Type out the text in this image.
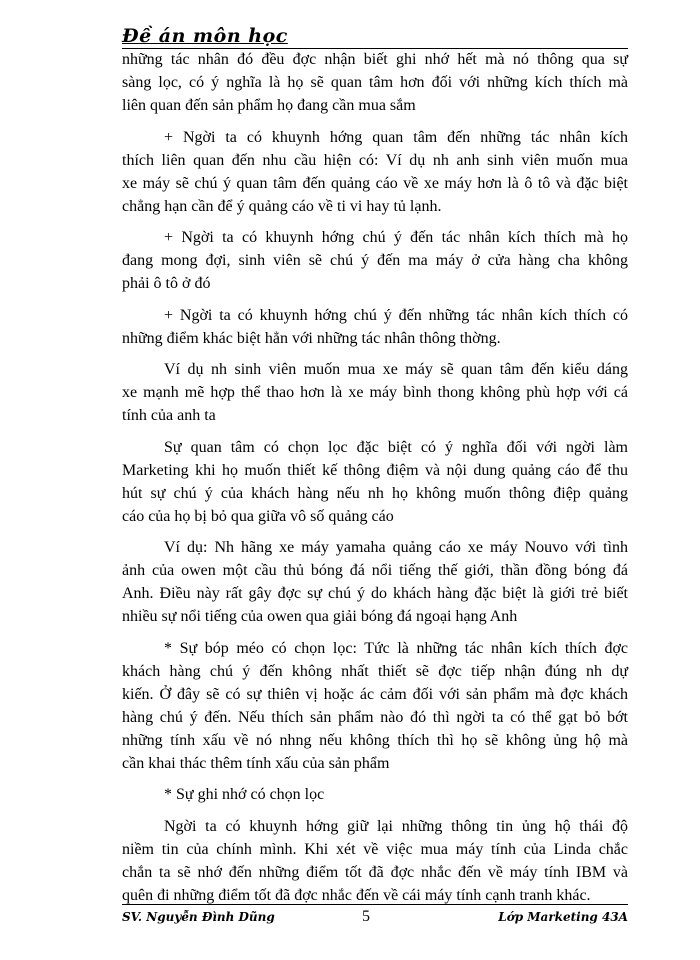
Đề án môn học
những tác nhân đó đều đợc nhận biết ghi nhớ hết mà nó thông qua sự
sàng lọc, có ý nghĩa là họ sẽ quan tâm hơn đối với những kích thích mà
liên quan đến sản phẩm họ đang cần mua sắm
+ Ngời ta có khuynh hớng quan tâm đến những tác nhân kích
thích liên quan đến nhu cầu hiện có: Ví dụ nh anh sinh viên muốn mua
xe máy sẽ chú ý quan tâm đến quảng cáo về xe máy hơn là ô tô và đặc biệt
chẳng hạn cần để ý quảng cáo về ti vi hay tủ lạnh.
+ Ngời ta có khuynh hớng chú ý đến tác nhân kích thích mà họ
đang mong đợi, sinh viên sẽ chú ý đến ma máy ở cửa hàng cha không
phải ô tô ở đó
+ Ngời ta có khuynh hớng chú ý đến những tác nhân kích thích có
những điểm khác biệt hẳn với những tác nhân thông thờng.
Ví dụ nh sinh viên muốn mua xe máy sẽ quan tâm đến kiểu dáng
xe mạnh mẽ hợp thể thao hơn là xe máy bình thong không phù hợp với cá
tính của anh ta
Sự quan tâm có chọn lọc đặc biệt có ý nghĩa đối với ngời làm
Marketing khi họ muốn thiết kế thông điệm và nội dung quảng cáo để thu
hút sự chú ý của khách hàng nếu nh họ không muốn thông điệp quảng
cáo của họ bị bỏ qua giữa vô số quảng cáo
Ví dụ: Nh hãng xe máy yamaha quảng cáo xe máy Nouvo với tình
ảnh của owen một cầu thủ bóng đá nổi tiếng thế giới, thần đồng bóng đá
Anh. Điều này rất gây đợc sự chú ý do khách hàng đặc biệt là giới trẻ biết
nhiều sự nổi tiếng của owen qua giải bóng đá ngoại hạng Anh
* Sự bóp méo có chọn lọc: Tức là những tác nhân kích thích đợc
khách hàng chú ý đến không nhất thiết sẽ đợc tiếp nhận đúng nh dự
kiến. Ở đây sẽ có sự thiên vị hoặc ác cảm đối với sản phẩm mà đợc khách
hàng chú ý đến. Nếu thích sản phẩm nào đó thì ngời ta có thể gạt bỏ bớt
những tính xấu về nó nhng nếu không thích thì họ sẽ không ủng hộ mà
cần khai thác thêm tính xấu của sản phẩm
* Sự ghi nhớ có chọn lọc
Ngời ta có khuynh hớng giữ lại những thông tin ủng hộ thái độ
niềm tin của chính mình. Khi xét về việc mua máy tính của Linda chắc
chắn ta sẽ nhớ đến những điểm tốt đã đợc nhắc đến về máy tính IBM và
quên đi những điểm tốt đã đợc nhắc đến về cái máy tính cạnh tranh khác.
SV. Nguyễn Đình Dũng	5	Lớp Marketing 43A
